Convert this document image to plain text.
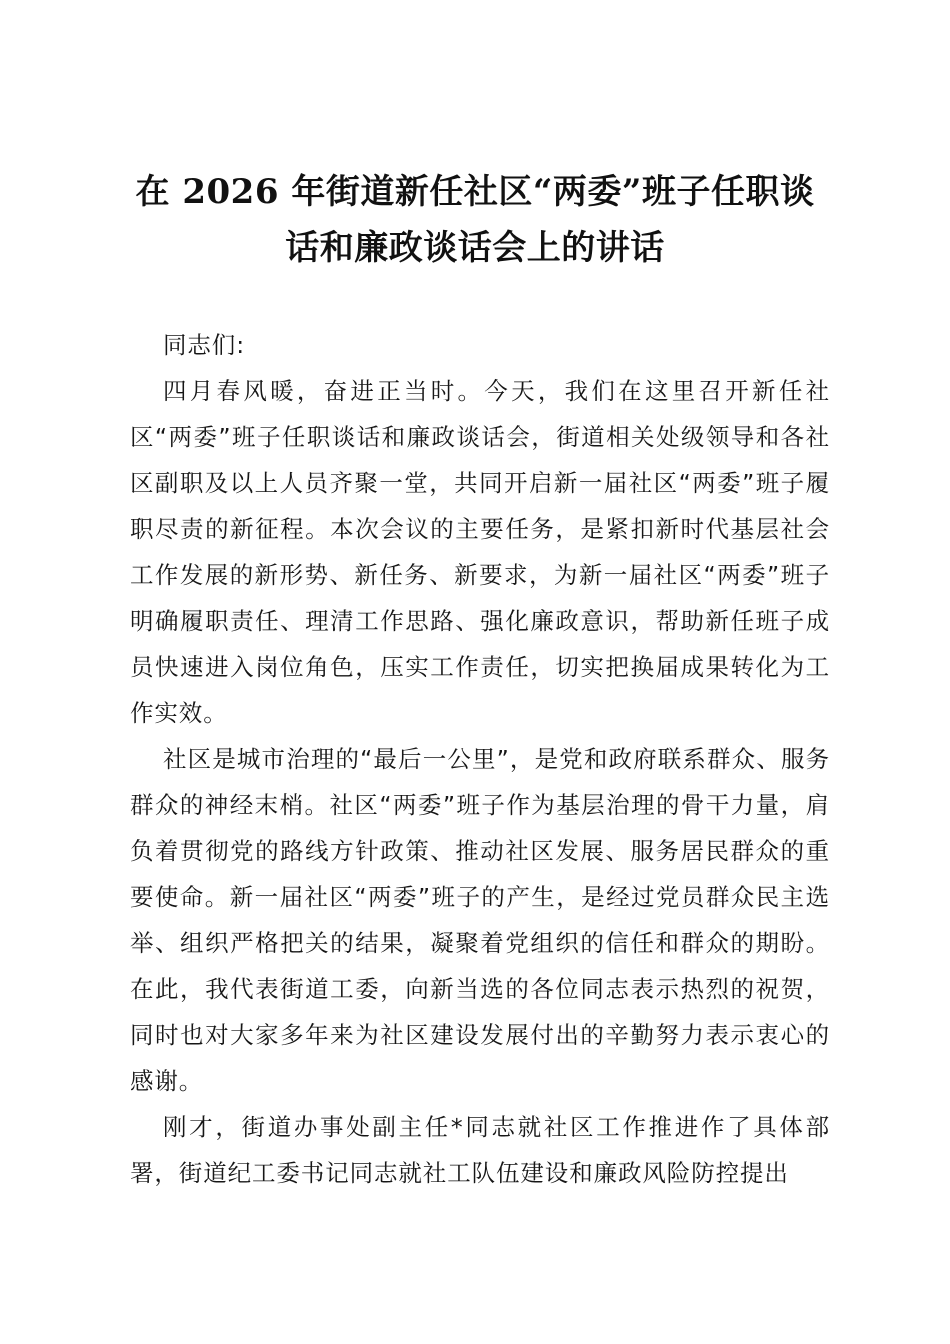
在 2026 年街道新任社区“两委”班子任职谈
话和廉政谈话会上的讲话

同志们:

四月春风暖，奋进正当时。今天，我们在这里召开新任社区“两委”班子任职谈话和廉政谈话会，街道相关处级领导和各社区副职及以上人员齐聚一堂，共同开启新一届社区“两委”班子履职尽责的新征程。本次会议的主要任务，是紧扣新时代基层社会工作发展的新形势、新任务、新要求，为新一届社区“两委”班子明确履职责任、理清工作思路、强化廉政意识，帮助新任班子成员快速进入岗位角色，压实工作责任，切实把换届成果转化为工作实效。

社区是城市治理的“最后一公里”，是党和政府联系群众、服务群众的神经末梢。社区“两委”班子作为基层治理的骨干力量，肩负着贯彻党的路线方针政策、推动社区发展、服务居民群众的重要使命。新一届社区“两委”班子的产生，是经过党员群众民主选举、组织严格把关的结果，凝聚着党组织的信任和群众的期盼。在此，我代表街道工委，向新当选的各位同志表示热烈的祝贺，同时也对大家多年来为社区建设发展付出的辛勤努力表示衷心的感谢。

刚才，街道办事处副主任*同志就社区工作推进作了具体部署，街道纪工委书记同志就社工队伍建设和廉政风险防控提出
